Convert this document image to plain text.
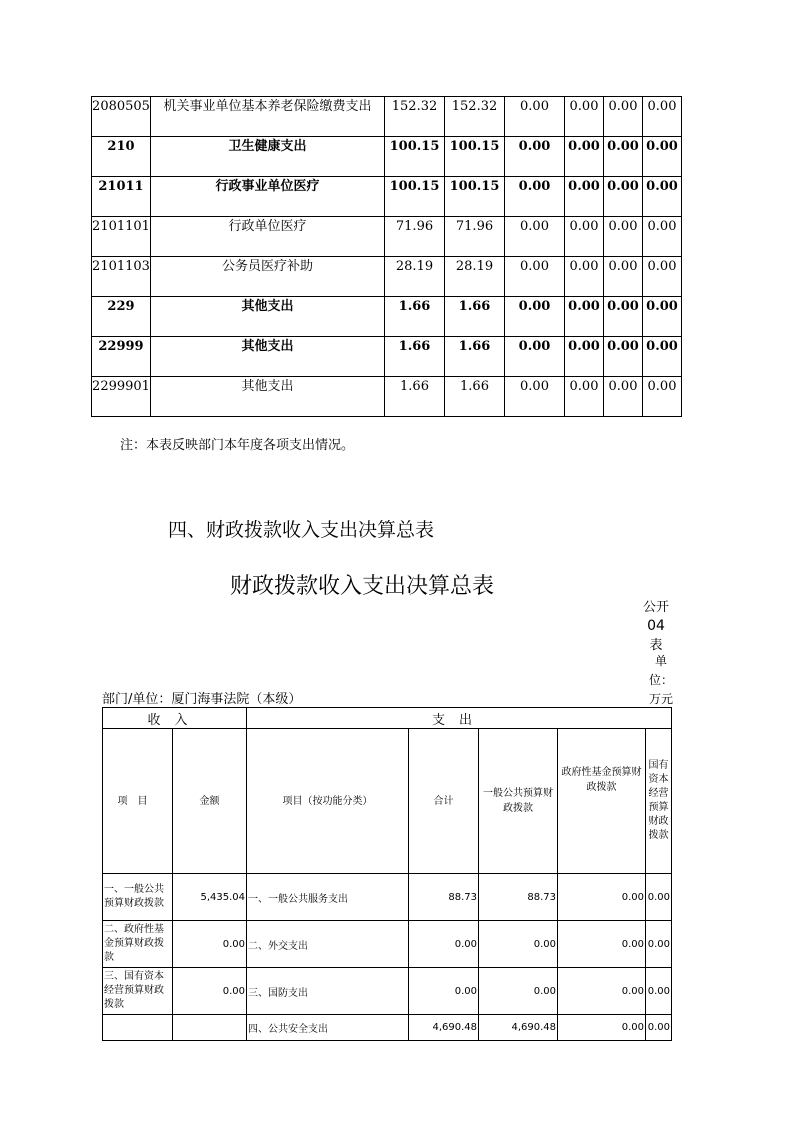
2080505	机关事业单位基本养老保险缴费支出	152.32	152.32	0.00	0.00	0.00	0.00
210	卫生健康支出	100.15	100.15	0.00	0.00	0.00	0.00
21011	行政事业单位医疗	100.15	100.15	0.00	0.00	0.00	0.00
2101101	行政单位医疗	71.96	71.96	0.00	0.00	0.00	0.00
2101103	公务员医疗补助	28.19	28.19	0.00	0.00	0.00	0.00
229	其他支出	1.66	1.66	0.00	0.00	0.00	0.00
22999	其他支出	1.66	1.66	0.00	0.00	0.00	0.00
2299901	其他支出	1.66	1.66	0.00	0.00	0.00	0.00
注：本表反映部门本年度各项支出情况。
四、财政拨款收入支出决算总表
财政拨款收入支出决算总表
公开
04
表
单
位：
万元
部门/单位：厦门海事法院（本级）
收入		支出				
项目	金额	项目（按功能分类）	合计	一般公共预算财政拨款	政府性基金预算财政拨款	国有资本经营预算财政拨款
一、一般公共预算财政拨款	5,435.04	一、一般公共服务支出	88.73	88.73	0.00	0.00
二、政府性基金预算财政拨款	0.00	二、外交支出	0.00	0.00	0.00	0.00
三、国有资本经营预算财政拨款	0.00	三、国防支出	0.00	0.00	0.00	0.00
		四、公共安全支出	4,690.48	4,690.48	0.00	0.00
